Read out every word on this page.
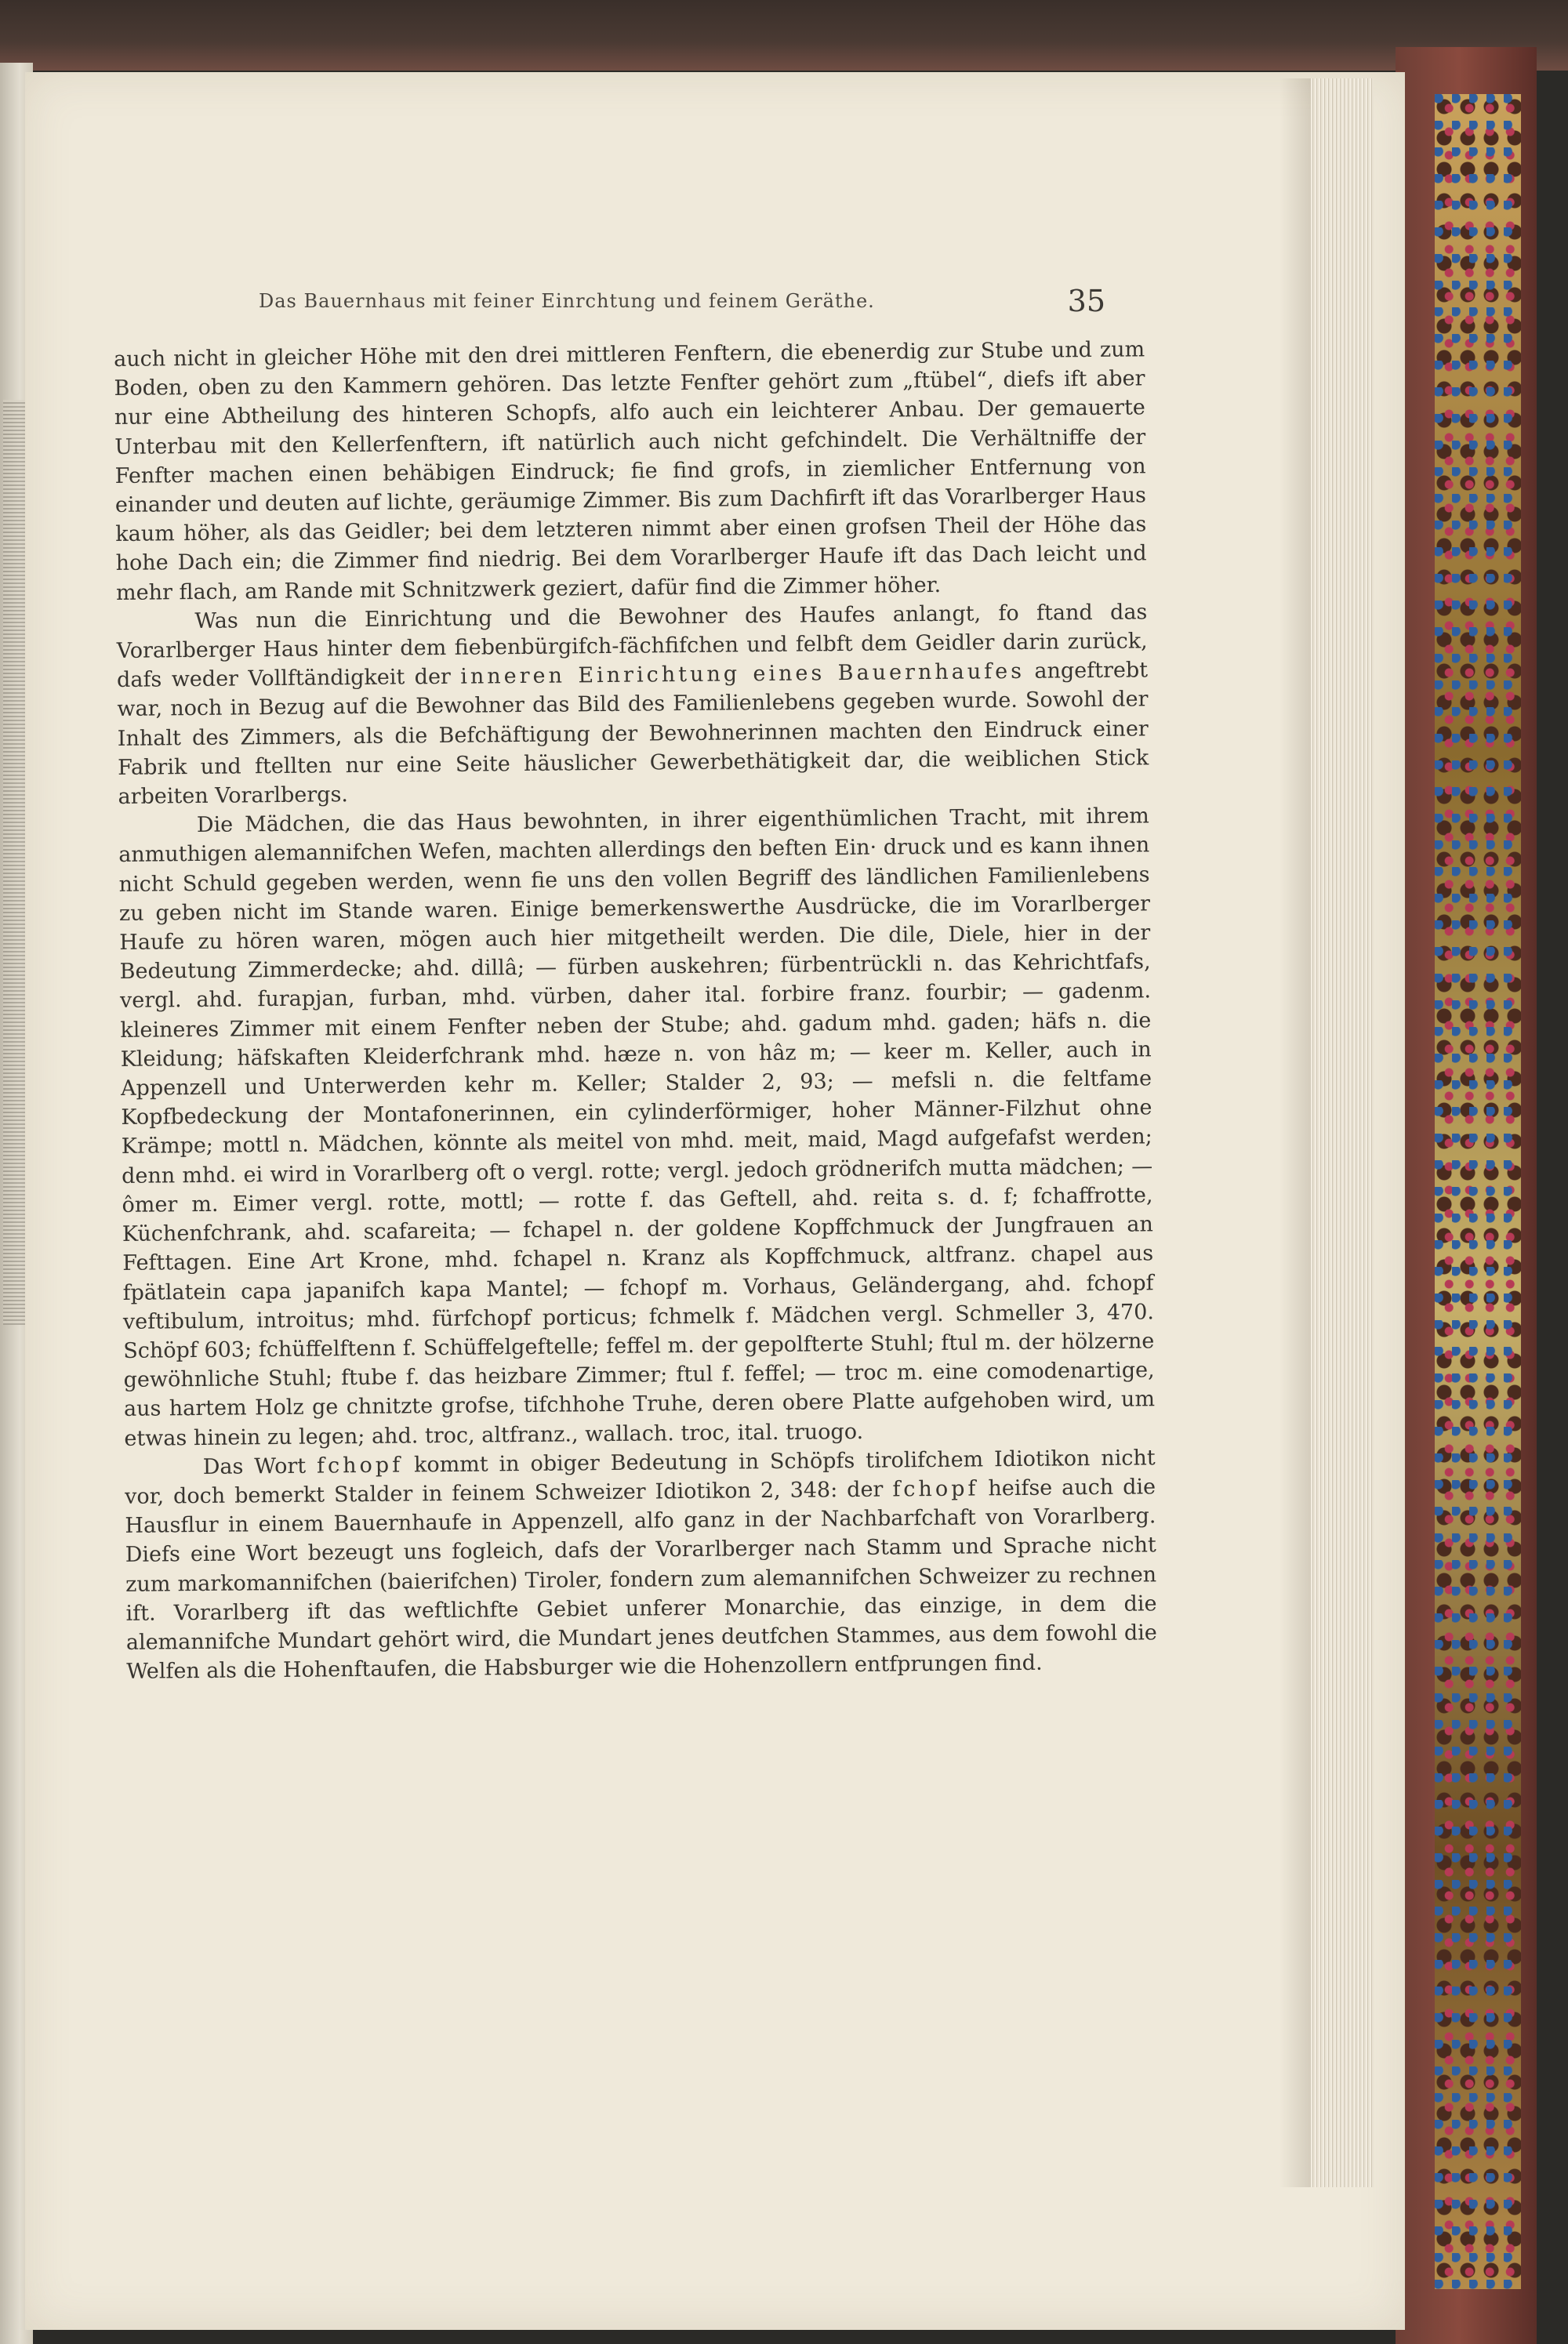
Das Bauernhaus mit feiner Einrchtung und feinem Geräthe.	35

auch nicht in gleicher Höhe mit den drei mittleren Fenftern, die ebenerdig zur Stube und zum Boden, oben zu den Kammern gehören. Das letzte Fenfter gehört zum „ftübel“, diefs ift aber nur eine Abtheilung des hinteren Schopfs, alfo auch ein leichterer Anbau. Der gemauerte Unterbau mit den Kellerfenftern, ift natürlich auch nicht gefchindelt. Die Verhältniffe der Fenfter machen einen behäbigen Eindruck; fie find grofs, in ziemlicher Entfernung von einander und deuten auf lichte, geräumige Zimmer. Bis zum Dachfirft ift das Vorarlberger Haus kaum höher, als das Geidler; bei dem letzteren nimmt aber einen grofsen Theil der Höhe das hohe Dach ein; die Zimmer find niedrig. Bei dem Vorarlberger Haufe ift das Dach leicht und mehr flach, am Rande mit Schnitzwerk geziert, dafür find die Zimmer höher.

Was nun die Einrichtung und die Bewohner des Haufes anlangt, fo ftand das Vorarlberger Haus hinter dem fiebenbürgifch-fächfifchen und felbft dem Geidler darin zurück, dafs weder Vollftändigkeit der inneren Einrichtung eines Bauernhaufes angeftrebt war, noch in Bezug auf die Bewohner das Bild des Familienlebens gegeben wurde. Sowohl der Inhalt des Zimmers, als die Befchäftigung der Bewohnerinnen machten den Eindruck einer Fabrik und ftellten nur eine Seite häuslicher Gewerbethätigkeit dar, die weiblichen Stick arbeiten Vorarlbergs.

Die Mädchen, die das Haus bewohnten, in ihrer eigenthümlichen Tracht, mit ihrem anmuthigen alemannifchen Wefen, machten allerdings den beften Ein· druck und es kann ihnen nicht Schuld gegeben werden, wenn fie uns den vollen Begriff des ländlichen Familienlebens zu geben nicht im Stande waren. Einige bemerkenswerthe Ausdrücke, die im Vorarlberger Haufe zu hören waren, mögen auch hier mitgetheilt werden. Die dile, Diele, hier in der Bedeutung Zimmerdecke; ahd. dillâ; — fürben auskehren; fürbentrückli n. das Kehrichtfafs, vergl. ahd. furapjan, furban, mhd. vürben, daher ital. forbire franz. fourbir; — gadenm. kleineres Zimmer mit einem Fenfter neben der Stube; ahd. gadum mhd. gaden; häfs n. die Kleidung; häfskaften Kleiderfchrank mhd. hæze n. von hâz m; — keer m. Keller, auch in Appenzell und Unterwerden kehr m. Keller; Stalder 2, 93; — mefsli n. die feltfame Kopfbedeckung der Montafonerinnen, ein cylinderförmiger, hoher Männer-Filzhut ohne Krämpe; mottl n. Mädchen, könnte als meitel von mhd. meit, maid, Magd aufgefafst werden; denn mhd. ei wird in Vorarlberg oft o vergl. rotte; vergl. jedoch grödnerifch mutta mädchen; — ômer m. Eimer vergl. rotte, mottl; — rotte f. das Geftell, ahd. reita s. d. f; fchaffrotte, Küchenfchrank, ahd. scafareita; — fchapel n. der goldene Kopffchmuck der Jungfrauen an Fefttagen. Eine Art Krone, mhd. fchapel n. Kranz als Kopffchmuck, altfranz. chapel aus fpätlatein capa japanifch kapa Mantel; — fchopf m. Vorhaus, Geländergang, ahd. fchopf veftibulum, introitus; mhd. fürfchopf porticus; fchmelk f. Mädchen vergl. Schmeller 3, 470. Schöpf 603; fchüffelftenn f. Schüffelgeftelle; feffel m. der gepolfterte Stuhl; ftul m. der hölzerne gewöhnliche Stuhl; ftube f. das heizbare Zimmer; ftul f. feffel; — troc m. eine comodenartige, aus hartem Holz ge chnitzte grofse, tifchhohe Truhe, deren obere Platte aufgehoben wird, um etwas hinein zu legen; ahd. troc, altfranz., wallach. troc, ital. truogo.

Das Wort fchopf kommt in obiger Bedeutung in Schöpfs tirolifchem Idiotikon nicht vor, doch bemerkt Stalder in feinem Schweizer Idiotikon 2, 348: der fchopf heifse auch die Hausflur in einem Bauernhaufe in Appenzell, alfo ganz in der Nachbarfchaft von Vorarlberg. Diefs eine Wort bezeugt uns fogleich, dafs der Vorarlberger nach Stamm und Sprache nicht zum markomannifchen (baierifchen) Tiroler, fondern zum alemannifchen Schweizer zu rechnen ift. Vorarlberg ift das weftlichfte Gebiet unferer Monarchie, das einzige, in dem die alemannifche Mundart gehört wird, die Mundart jenes deutfchen Stammes, aus dem fowohl die Welfen als die Hohenftaufen, die Habsburger wie die Hohenzollern entfprungen find.
